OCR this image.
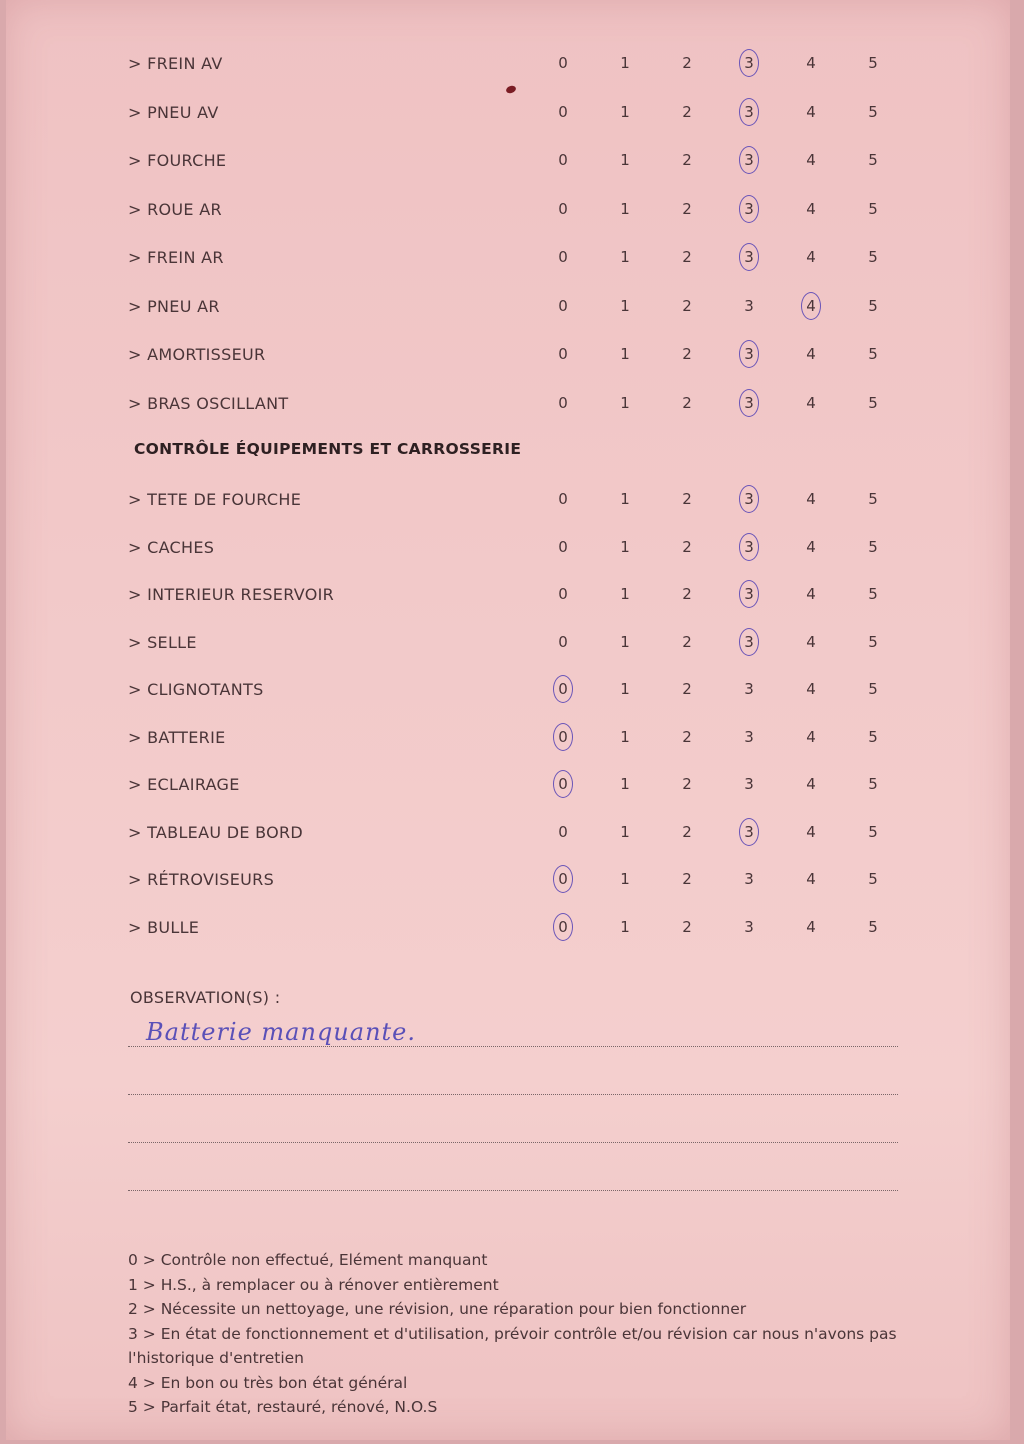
> FREIN AV	0	1	2	3	4	5
> PNEU AV	0	1	2	3	4	5
> FOURCHE	0	1	2	3	4	5
> ROUE AR	0	1	2	3	4	5
> FREIN AR	0	1	2	3	4	5
> PNEU AR	0	1	2	3	4	5
> AMORTISSEUR	0	1	2	3	4	5
> BRAS OSCILLANT	0	1	2	3	4	5
CONTRÔLE ÉQUIPEMENTS ET CARROSSERIE
> TETE DE FOURCHE	0	1	2	3	4	5
> CACHES	0	1	2	3	4	5
> INTERIEUR RESERVOIR	0	1	2	3	4	5
> SELLE	0	1	2	3	4	5
> CLIGNOTANTS	0	1	2	3	4	5
> BATTERIE	0	1	2	3	4	5
> ECLAIRAGE	0	1	2	3	4	5
> TABLEAU DE BORD	0	1	2	3	4	5
> RÉTROVISEURS	0	1	2	3	4	5
> BULLE	0	1	2	3	4	5
OBSERVATION(S) :
Batterie manquante.
0 > Contrôle non effectué, Elément manquant
1 > H.S., à remplacer ou à rénover entièrement
2 > Nécessite un nettoyage, une révision, une réparation pour bien fonctionner
3 > En état de fonctionnement et d'utilisation, prévoir contrôle et/ou révision car nous n'avons pas l'historique d'entretien
4 > En bon ou très bon état général
5 > Parfait état, restauré, rénové, N.O.S
